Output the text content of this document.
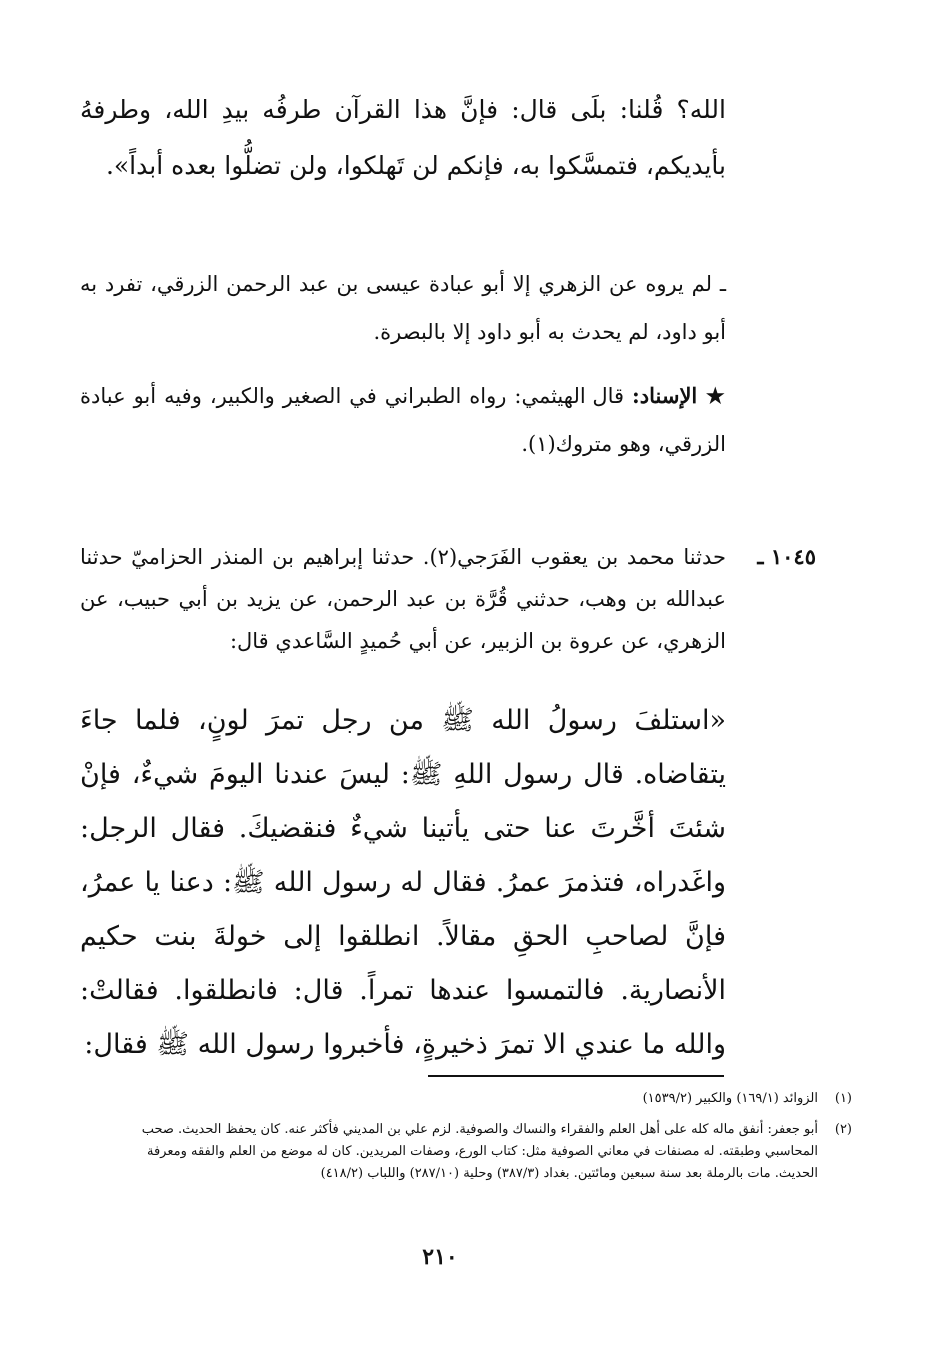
الله؟ قُلنا: بلَى قال: فإنَّ هذا القرآن طرفُه بيدِ الله، وطرفهُ بأيديكم، فتمسَّكوا به، فإنكم لن تَهلكوا، ولن تضلُّوا بعده أبداً».

ـ لم يروه عن الزهري إلا أبو عبادة عيسى بن عبد الرحمن الزرقي، تفرد به أبو داود، لم يحدث به أبو داود إلا بالبصرة.

★ الإسناد: قال الهيثمي: رواه الطبراني في الصغير والكبير، وفيه أبو عبادة الزرقي، وهو متروك(١).

١٠٤٥ ـ

حدثنا محمد بن يعقوب الفَرَجي(٢). حدثنا إبراهيم بن المنذر الحزاميّ حدثنا عبدالله بن وهب، حدثني قُرَّة بن عبد الرحمن، عن يزيد بن أبي حبيب، عن الزهري، عن عروة بن الزبير، عن أبي حُميدٍ السَّاعدي قال:

«استلفَ رسولُ الله ﷺ من رجل تمرَ لونٍ، فلما جاءَ يتقاضاه. قال رسول اللهِ ﷺ: ليسَ عندنا اليومَ شيءٌ، فإنْ شئتَ أخَّرتَ عنا حتى يأتينا شيءٌ فنقضيكَ. فقال الرجل: واغَدراه، فتذمرَ عمرُ. فقال له رسول الله ﷺ: دعنا يا عمرُ، فإنَّ لصاحبِ الحقِ مقالاً. انطلقوا إلى خولةَ بنت حكيم الأنصارية. فالتمسوا عندها تمراً. قال: فانطلقوا. فقالتْ: والله ما عندي الا تمرَ ذخيرةٍ، فأخبروا رسول الله ﷺ فقال:

(١)
الزوائد (١٦٩/١) والكبير (١٥٣٩/٢)
(٢)
أبو جعفر: أنفق ماله كله على أهل العلم والفقراء والنساك والصوفية. لزم علي بن المديني فأكثر عنه. كان يحفظ الحديث. صحب المحاسبي وطبقته. له مصنفات في معاني الصوفية مثل: كتاب الورع، وصفات المريدين. كان له موضع من العلم والفقه ومعرفة الحديث. مات بالرملة بعد سنة سبعين ومائتين. بغداد (٣٨٧/٣) وحلية (٢٨٧/١٠) واللباب (٤١٨/٢)
٢١٠
